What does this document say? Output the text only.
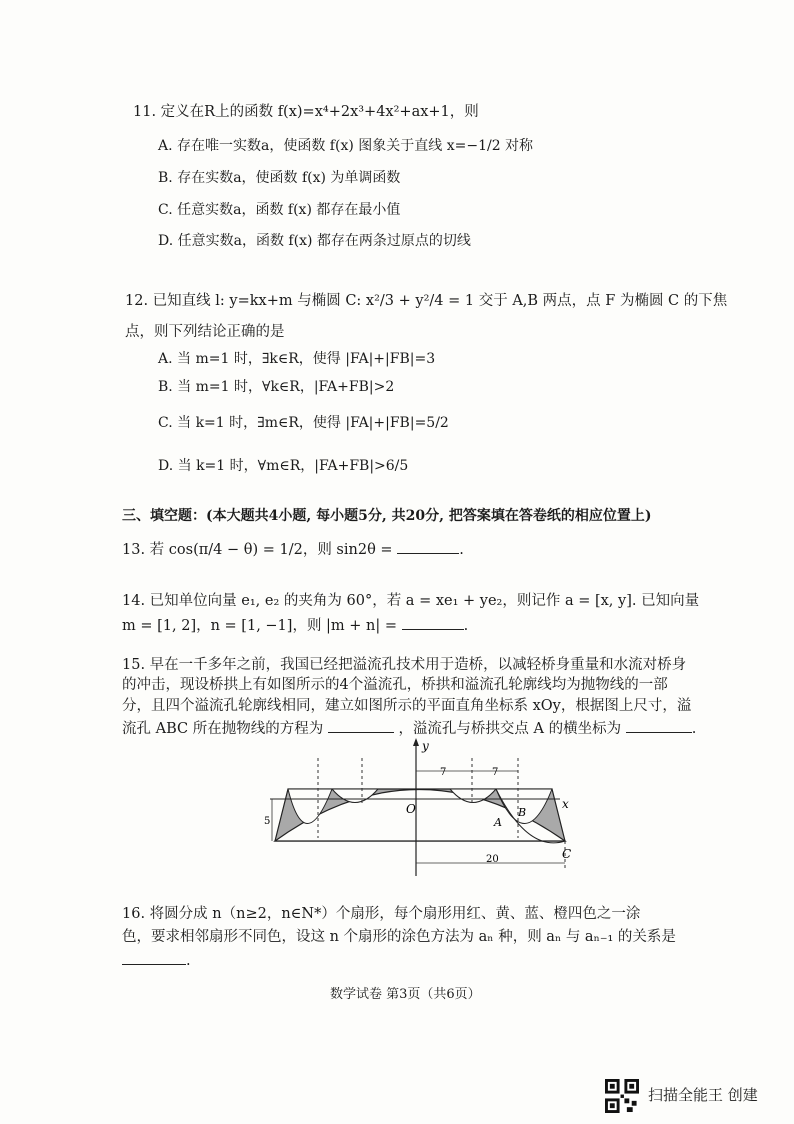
11. 定义在R上的函数 f(x)=x⁴+2x³+4x²+ax+1，则
A. 存在唯一实数a，使函数 f(x) 图象关于直线 x=−1/2 对称
B. 存在实数a，使函数 f(x) 为单调函数
C. 任意实数a，函数 f(x) 都存在最小值
D. 任意实数a，函数 f(x) 都存在两条过原点的切线
12. 已知直线 l: y=kx+m 与椭圆 C: x²/3 + y²/4 = 1 交于 A,B 两点，点 F 为椭圆 C 的下焦
点，则下列结论正确的是
A. 当 m=1 时，∃k∈R，使得 |FA|+|FB|=3
B. 当 m=1 时，∀k∈R，|FA+FB|>2
C. 当 k=1 时，∃m∈R，使得 |FA|+|FB|=5/2
D. 当 k=1 时，∀m∈R，|FA+FB|>6/5
三、填空题：(本大题共4小题, 每小题5分, 共20分, 把答案填在答卷纸的相应位置上)
13. 若 cos(π/4 − θ) = 1/2，则 sin2θ =	.
14. 已知单位向量 e₁, e₂ 的夹角为 60°，若 a = xe₁ + ye₂，则记作 a = [x, y]. 已知向量
m = [1, 2]，n = [1, −1]，则 |m + n| =	.
15. 早在一千多年之前，我国已经把溢流孔技术用于造桥，以减轻桥身重量和水流对桥身
的冲击，现设桥拱上有如图所示的4个溢流孔，桥拱和溢流孔轮廓线均为抛物线的一部
分，且四个溢流孔轮廓线相同，建立如图所示的平面直角坐标系 xOy，根据图上尺寸，溢
流孔 ABC 所在抛物线的方程为	，溢流孔与桥拱交点 A 的横坐标为	.
y
x
O
A
B
C
7	7
5
20
16. 将圆分成 n（n≥2，n∈N*）个扇形，每个扇形用红、黄、蓝、橙四色之一涂
色，要求相邻扇形不同色，设这 n 个扇形的涂色方法为 aₙ 种，则 aₙ 与 aₙ₋₁ 的关系是
.
数学试卷 第3页（共6页）
扫描全能王 创建
